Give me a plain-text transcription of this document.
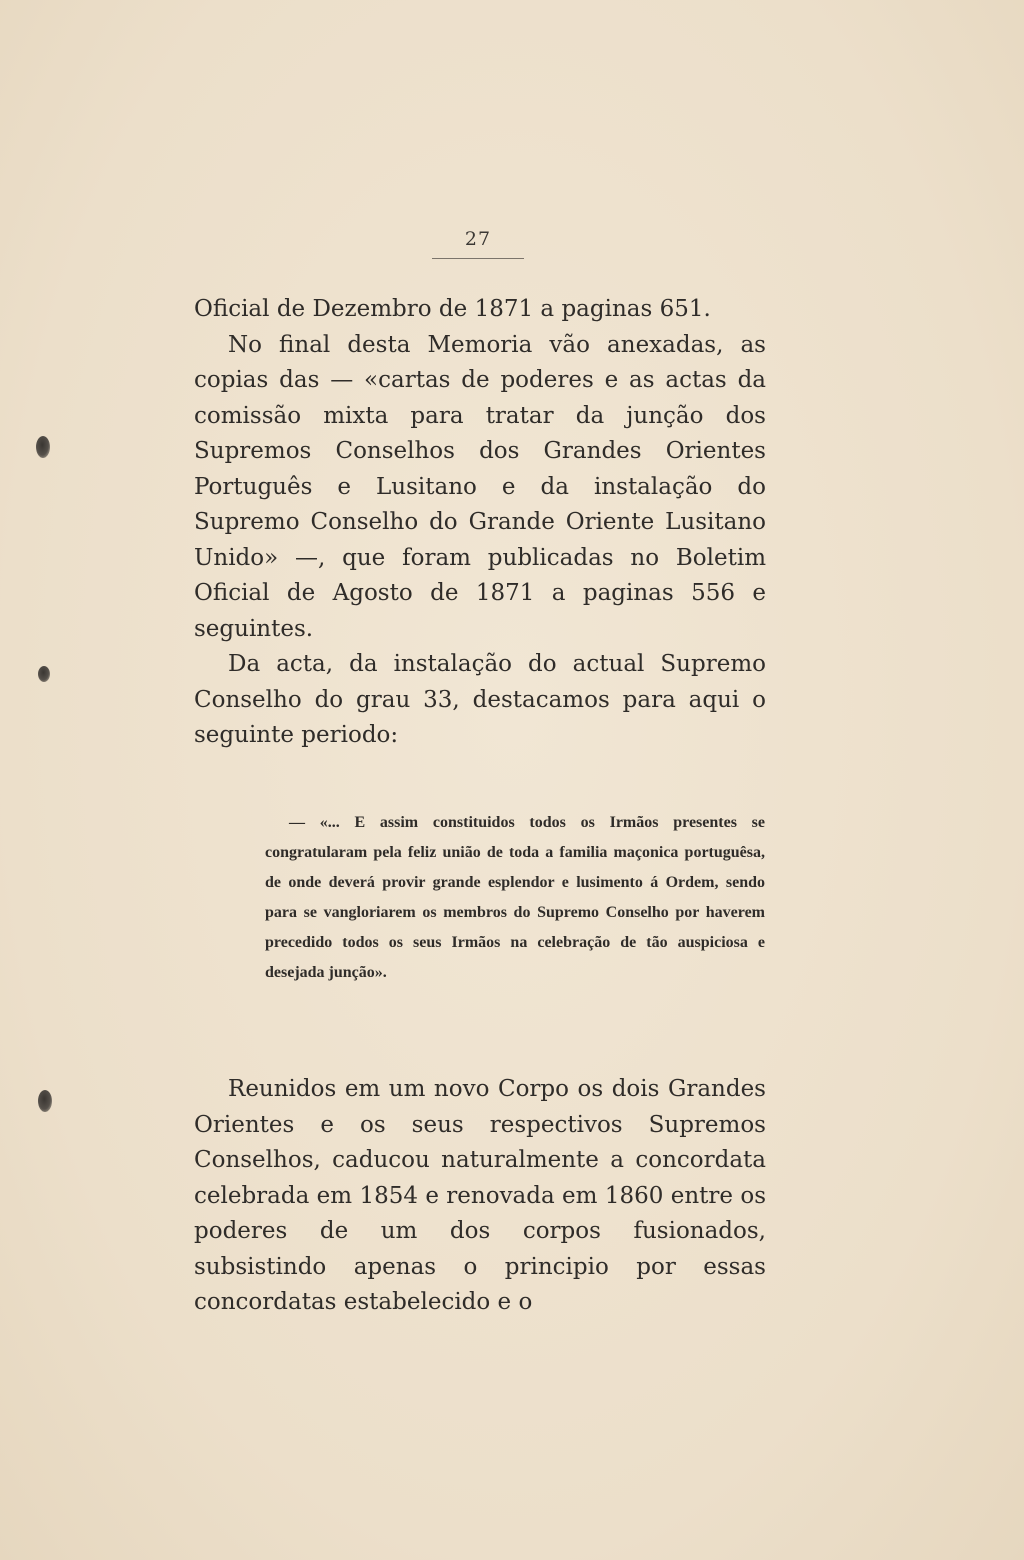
27

Oficial de Dezembro de 1871 a paginas 651.

No final desta Memoria vão anexadas, as copias das — «cartas de poderes e as actas da comissão mixta para tratar da junção dos Supremos Conselhos dos Grandes Orientes Português e Lusitano e da instalação do Supremo Conselho do Grande Oriente Lusitano Unido» —, que foram publicadas no Boletim Oficial de Agosto de 1871 a paginas 556 e seguintes.

Da acta, da instalação do actual Supremo Conselho do grau 33, destacamos para aqui o seguinte periodo:

— «... E assim constituidos todos os Irmãos presentes se congratularam pela feliz união de toda a familia maçonica portuguêsa, de onde deverá provir grande esplendor e lusimento á Ordem, sendo para se vangloriarem os membros do Supremo Conselho por haverem precedido todos os seus Irmãos na celebração de tão auspiciosa e desejada junção».

Reunidos em um novo Corpo os dois Grandes Orientes e os seus respectivos Supremos Conselhos, caducou naturalmente a concordata celebrada em 1854 e renovada em 1860 entre os poderes de um dos corpos fusionados, subsistindo apenas o principio por essas concordatas estabelecido e o
